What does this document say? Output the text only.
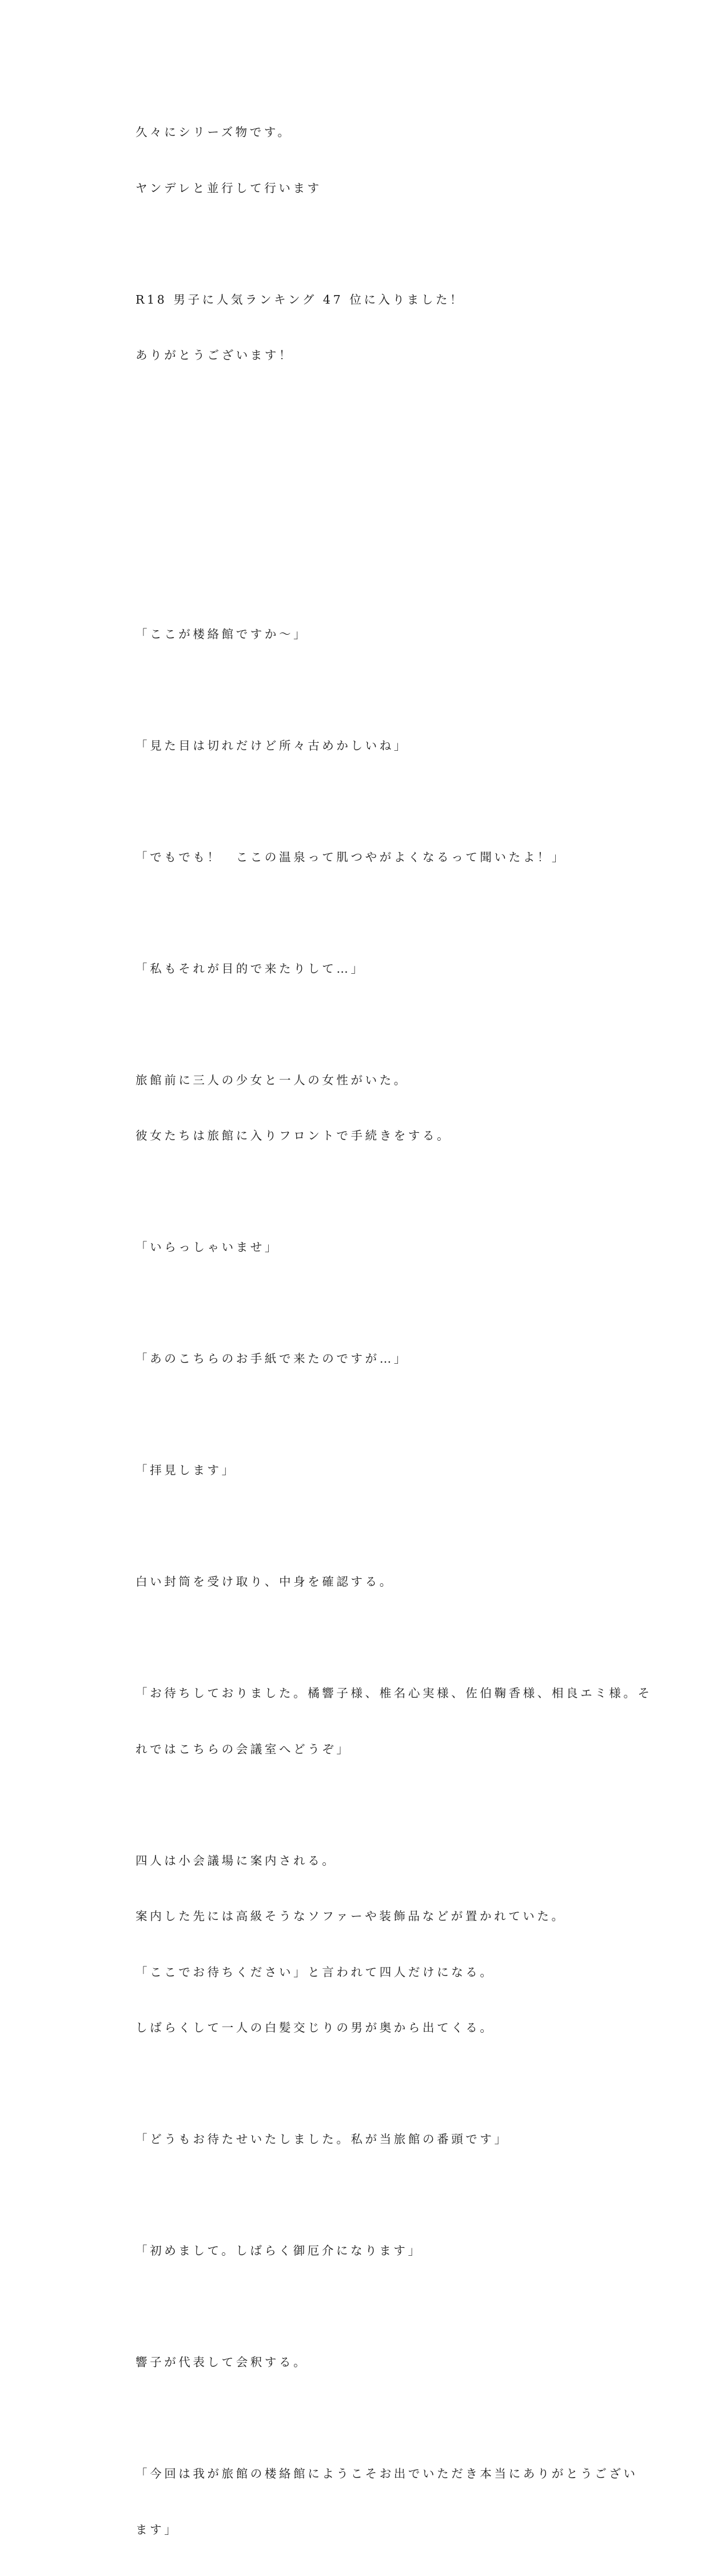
久々にシリーズ物です。

ヤンデレと並行して行います

R18 男子に人気ランキング 47 位に入りました！

ありがとうございます！

「ここが楼絡館ですか～」

「見た目は切れだけど所々古めかしいね」

「でもでも！　ここの温泉って肌つやがよくなるって聞いたよ！」

「私もそれが目的で来たりして…」

旅館前に三人の少女と一人の女性がいた。

彼女たちは旅館に入りフロントで手続きをする。

「いらっしゃいませ」

「あのこちらのお手紙で来たのですが…」

「拝見します」

白い封筒を受け取り、中身を確認する。

「お待ちしておりました。橘響子様、椎名心実様、佐伯鞠香様、相良エミ様。そ

れではこちらの会議室へどうぞ」

四人は小会議場に案内される。

案内した先には高級そうなソファーや装飾品などが置かれていた。

「ここでお待ちください」と言われて四人だけになる。

しばらくして一人の白髪交じりの男が奥から出てくる。

「どうもお待たせいたしました。私が当旅館の番頭です」

「初めまして。しばらく御厄介になります」

響子が代表して会釈する。

「今回は我が旅館の楼絡館にようこそお出でいただき本当にありがとうござい

ます」
